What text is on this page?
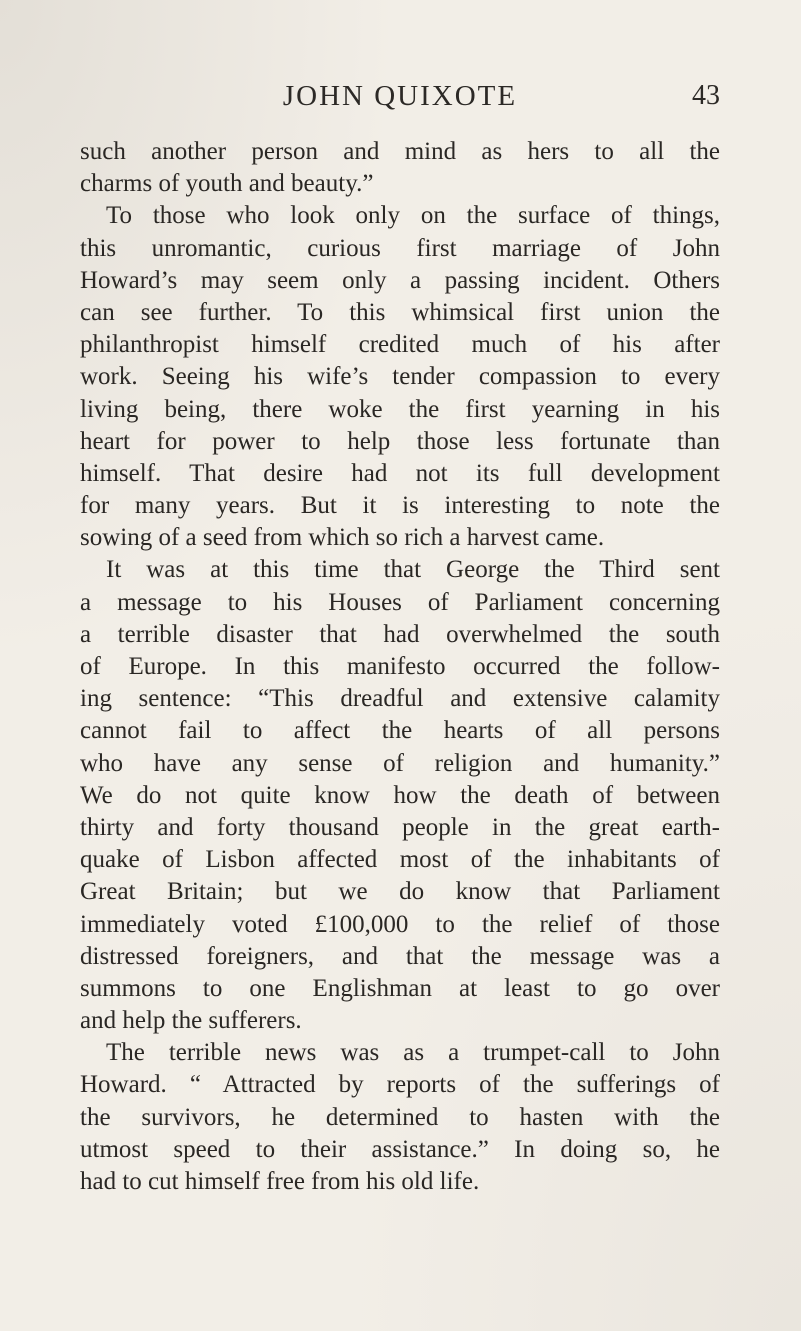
JOHN QUIXOTE	43
such another person and mind as hers to all the
charms of youth and beauty.”
To those who look only on the surface of things,
this unromantic, curious first marriage of John
Howard’s may seem only a passing incident. Others
can see further. To this whimsical first union the
philanthropist himself credited much of his after
work. Seeing his wife’s tender compassion to every
living being, there woke the first yearning in his
heart for power to help those less fortunate than
himself. That desire had not its full development
for many years. But it is interesting to note the
sowing of a seed from which so rich a harvest came.
It was at this time that George the Third sent
a message to his Houses of Parliament concerning
a terrible disaster that had overwhelmed the south
of Europe. In this manifesto occurred the follow-
ing sentence: “This dreadful and extensive calamity
cannot fail to affect the hearts of all persons
who have any sense of religion and humanity.”
We do not quite know how the death of between
thirty and forty thousand people in the great earth-
quake of Lisbon affected most of the inhabitants of
Great Britain; but we do know that Parliament
immediately voted £100,000 to the relief of those
distressed foreigners, and that the message was a
summons to one Englishman at least to go over
and help the sufferers.
The terrible news was as a trumpet-call to John
Howard. “ Attracted by reports of the sufferings of
the survivors, he determined to hasten with the
utmost speed to their assistance.” In doing so, he
had to cut himself free from his old life.
